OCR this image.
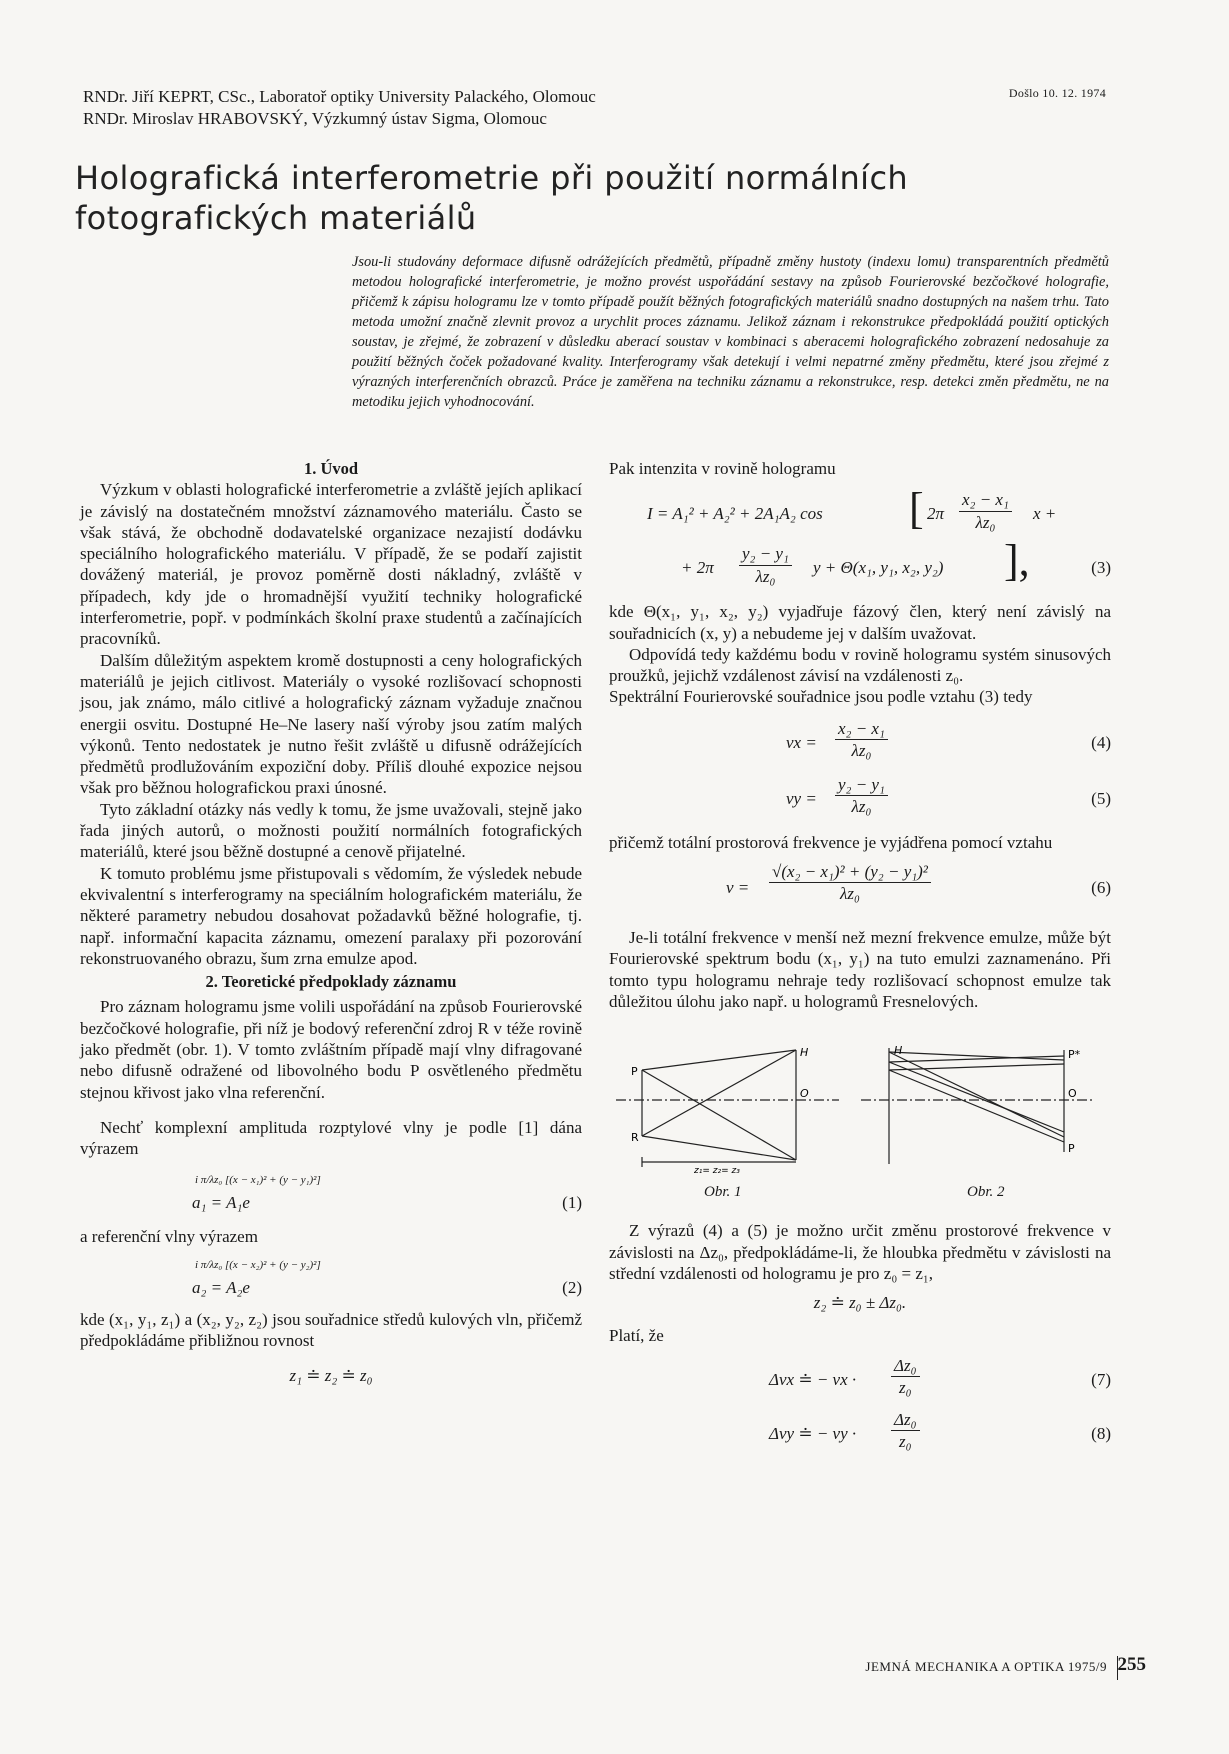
RNDr. Jiří KEPRT, CSc., Laboratoř optiky University Palackého, Olomouc
RNDr. Miroslav HRABOVSKÝ, Výzkumný ústav Sigma, Olomouc
Došlo 10. 12. 1974
Holografická interferometrie při použití normálních
fotografických materiálů
Jsou-li studovány deformace difusně odrážejících předmětů, případně změny hustoty (indexu lomu) transparentních předmětů metodou holografické interferometrie, je možno provést uspořádání sestavy na způsob Fourierovské bezčočkové holografie, přičemž k zápisu hologramu lze v tomto případě použít běžných fotografických materiálů snadno dostupných na našem trhu. Tato metoda umožní značně zlevnit provoz a urychlit proces záznamu. Jelikož záznam i rekonstrukce předpokládá použití optických soustav, je zřejmé, že zobrazení v důsledku aberací soustav v kombinaci s aberacemi holografického zobrazení nedosahuje za použití běžných čoček požadované kvality. Interferogramy však detekují i velmi nepatrné změny předmětu, které jsou zřejmé z výrazných interferenčních obrazců. Práce je zaměřena na techniku záznamu a rekonstrukce, resp. detekci změn předmětu, ne na metodiku jejich vyhodnocování.
1. Úvod

Výzkum v oblasti holografické interferometrie a zvláště jejích aplikací je závislý na dostatečném množství záznamového materiálu. Často se však stává, že obchodně dodavatelské organizace nezajistí dodávku speciálního holografického materiálu. V případě, že se podaří zajistit dovážený materiál, je provoz poměrně dosti nákladný, zvláště v případech, kdy jde o hromadnější využití techniky holografické interferometrie, popř. v podmínkách školní praxe studentů a začínajících pracovníků.

Dalším důležitým aspektem kromě dostupnosti a ceny holografických materiálů je jejich citlivost. Materiály o vysoké rozlišovací schopnosti jsou, jak známo, málo citlivé a holografický záznam vyžaduje značnou energii osvitu. Dostupné He–Ne lasery naší výroby jsou zatím malých výkonů. Tento nedostatek je nutno řešit zvláště u difusně odrážejících předmětů prodlužováním expoziční doby. Příliš dlouhé expozice nejsou však pro běžnou holografickou praxi únosné.

Tyto základní otázky nás vedly k tomu, že jsme uvažovali, stejně jako řada jiných autorů, o možnosti použití normálních fotografických materiálů, které jsou běžně dostupné a cenově přijatelné.

K tomuto problému jsme přistupovali s vědomím, že výsledek nebude ekvivalentní s interferogramy na speciálním holografickém materiálu, že některé parametry nebudou dosahovat požadavků běžné holografie, tj. např. informační kapacita záznamu, omezení paralaxy při pozorování rekonstruovaného obrazu, šum zrna emulze apod.

2. Teoretické předpoklady záznamu

Pro záznam hologramu jsme volili uspořádání na způsob Fourierovské bezčočkové holografie, při níž je bodový referenční zdroj R v téže rovině jako předmět (obr. 1). V tomto zvláštním případě mají vlny difragované nebo difusně odražené od libovolného bodu P osvětleného předmětu stejnou křivost jako vlna referenční.

Nechť komplexní amplituda rozptylové vlny je podle [1] dána výrazem

i π/λz₀ [(x − x₁)² + (y − y₁)²]
a₁ = A₁e	(1)

a referenční vlny výrazem

i π/λz₀ [(x − x₂)² + (y − y₂)²]
a₂ = A₂e	(2)

kde (x₁, y₁, z₁) a (x₂, y₂, z₂) jsou souřadnice středů kulových vln, přičemž předpokládáme přibližnou rovnost

z₁ ≐ z₂ ≐ z₀

Pak intenzita v rovině hologramu

I = A₁² + A₂² + 2A₁A₂ cos [ $2\pi \frac{\text{x₂ − x₁}}{\text{λz₀}}$ x +
+ $2\pi \frac{\text{y₂ − y₁}}{\text{λz₀}}$ y + Θ(x₁, y₁, x₂, y₂) ],	(3)

kde Θ(x₁, y₁, x₂, y₂) vyjadřuje fázový člen, který není závislý na souřadnicích (x, y) a nebudeme jej v dalším uvažovat.

Odpovídá tedy každému bodu v rovině hologramu systém sinusových proužků, jejichž vzdálenost závisí na vzdálenosti z₀.

Spektrální Fourierovské souřadnice jsou podle vztahu (3) tedy

$\nu x = \frac{\text{x₂ − x₁}}{\text{λz₀}}$	(4)
$\nu y = \frac{\text{y₂ − y₁}}{\text{λz₀}}$	(5)

přičemž totální prostorová frekvence je vyjádřena pomocí vztahu

$\nu = \frac{\text{√(x₂ − x₁)² + (y₂ − y₁)²}}{\text{λz₀}}$	(6)

Je-li totální frekvence ν menší než mezní frekvence emulze, může být Fourierovské spektrum bodu (x₁, y₁) na tuto emulzi zaznamenáno. Při tomto typu hologramu nehraje tedy rozlišovací schopnost emulze tak důležitou úlohu jako např. u hologramů Fresnelových.

P
R
H
O
z₁= z₂= z₃
H	P*
O
P
Obr. 1	Obr. 2

Z výrazů (4) a (5) je možno určit změnu prostorové frekvence v závislosti na Δz₀, předpokládáme-li, že hloubka předmětu v závislosti na střední vzdálenosti od hologramu je pro z₀ = z₁,

z₂ ≐ z₀ ± Δz₀.

Platí, že

Δνx ≐ − $\nu x \cdot \frac{\text{Δz₀}}{\text{z₀}}$	(7)
Δνy ≐ − $\nu y \cdot \frac{\text{Δz₀}}{\text{z₀}}$	(8)
JEMNÁ MECHANIKA A OPTIKA 1975/9 255
